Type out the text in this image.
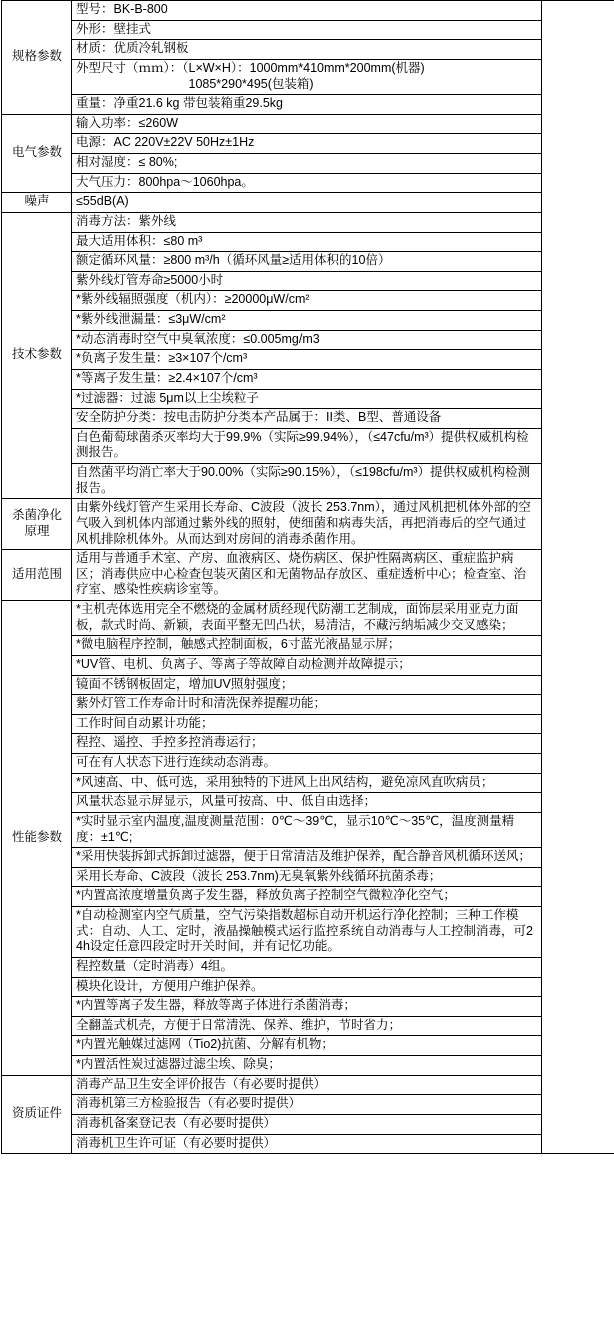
规格参数	型号：BK-B-800	
	外形：壁挂式	
	材质：优质冷轧钢板	
	外型尺寸（ｍｍ）：（L×W×H）：1000mm*410mm*200mm(机器)
　　　　　　　　　1085*290*495(包装箱)	
	重量：净重21.6 kg 带包装箱重29.5kg	
电气参数	输入功率：≤260W	
	电源：AC 220V±22V 50Hz±1Hz	
	相对湿度：≤ 80%;	
	大气压力：800hpa～1060hpa。	
噪声	≤55dB(A)	
技术参数	消毒方法：紫外线	
	最大适用体积：≤80 m³	
	额定循环风量：≥800 m³/h（循环风量≥适用体积的10倍）	
	紫外线灯管寿命≥5000小时	
	*紫外线辐照强度（机内）：≥20000μW/cm²	
	*紫外线泄漏量：≤3μW/cm²	
	*动态消毒时空气中臭氧浓度：≤0.005mg/m3	
	*负离子发生量：≥3×107个/cm³	
	*等离子发生量：≥2.4×107个/cm³	
	*过滤器：过滤 5μm以上尘埃粒子	
	安全防护分类：按电击防护分类本产品属于：II类、B型、普通设备	
	白色葡萄球菌杀灭率均大于99.9%（实际≥99.94%），（≤47cfu/m³）提供权威机构检测报告。	
	自然菌平均消亡率大于90.00%（实际≥90.15%），（≤198cfu/m³）提供权威机构检测报告。	
杀菌净化原理	由紫外线灯管产生采用长寿命、C波段（波长 253.7nm），通过风机把机体外部的空气吸入到机体内部通过紫外线的照射，使细菌和病毒失活，再把消毒后的空气通过风机排除机体外。从而达到对房间的消毒杀菌作用。	
适用范围	适用与普通手术室、产房、血液病区、烧伤病区、保护性隔离病区、重症监护病区；消毒供应中心检查包装灭菌区和无菌物品存放区、重症透析中心；检查室、治疗室、感染性疾病诊室等。	
性能参数	*主机壳体选用完全不燃烧的金属材质经现代防潮工艺制成，面饰层采用亚克力面板，款式时尚、新颖，表面平整无凹凸状，易清洁，不藏污纳垢减少交叉感染；	
	*微电脑程序控制，触感式控制面板，6寸蓝光液晶显示屏；	
	*UV管、电机、负离子、等离子等故障自动检测并故障提示；	
	镜面不锈钢板固定，增加UV照射强度；	
	紫外灯管工作寿命计时和清洗保养提醒功能；	
	工作时间自动累计功能；	
	程控、遥控、手控多控消毒运行；	
	可在有人状态下进行连续动态消毒。	
	*风速高、中、低可选，采用独特的下进风上出风结构，避免凉风直吹病员；	
	风量状态显示屏显示，风量可按高、中、低自由选择；	
	*实时显示室内温度,温度测量范围：0℃～39℃，显示10℃～35℃，温度测量精度：±1℃;	
	*采用快装拆卸式拆卸过滤器，便于日常清洁及维护保养，配合静音风机循环送风；	
	采用长寿命、C波段（波长 253.7nm)无臭氧紫外线循环抗菌杀毒；	
	*内置高浓度增量负离子发生器，释放负离子控制空气微粒净化空气；	
	*自动检测室内空气质量，空气污染指数超标自动开机运行净化控制；三种工作模式：自动、人工、定时，液晶操触模式运行监控系统自动消毒与人工控制消毒，可24h设定任意四段定时开关时间，并有记忆功能。	
	程控数量（定时消毒）4组。	
	模块化设计，方便用户维护保养。	
	*内置等离子发生器，释放等离子体进行杀菌消毒；	
	全翻盖式机壳，方便于日常清洗、保养、维护，节时省力；	
	*内置光触媒过滤网（Tio2)抗菌、分解有机物；	
	*内置活性炭过滤器过滤尘埃、除臭；	
资质证件	消毒产品卫生安全评价报告（有必要时提供）	
	消毒机第三方检验报告（有必要时提供）	
	消毒机备案登记表（有必要时提供）	
	消毒机卫生许可证（有必要时提供）	
